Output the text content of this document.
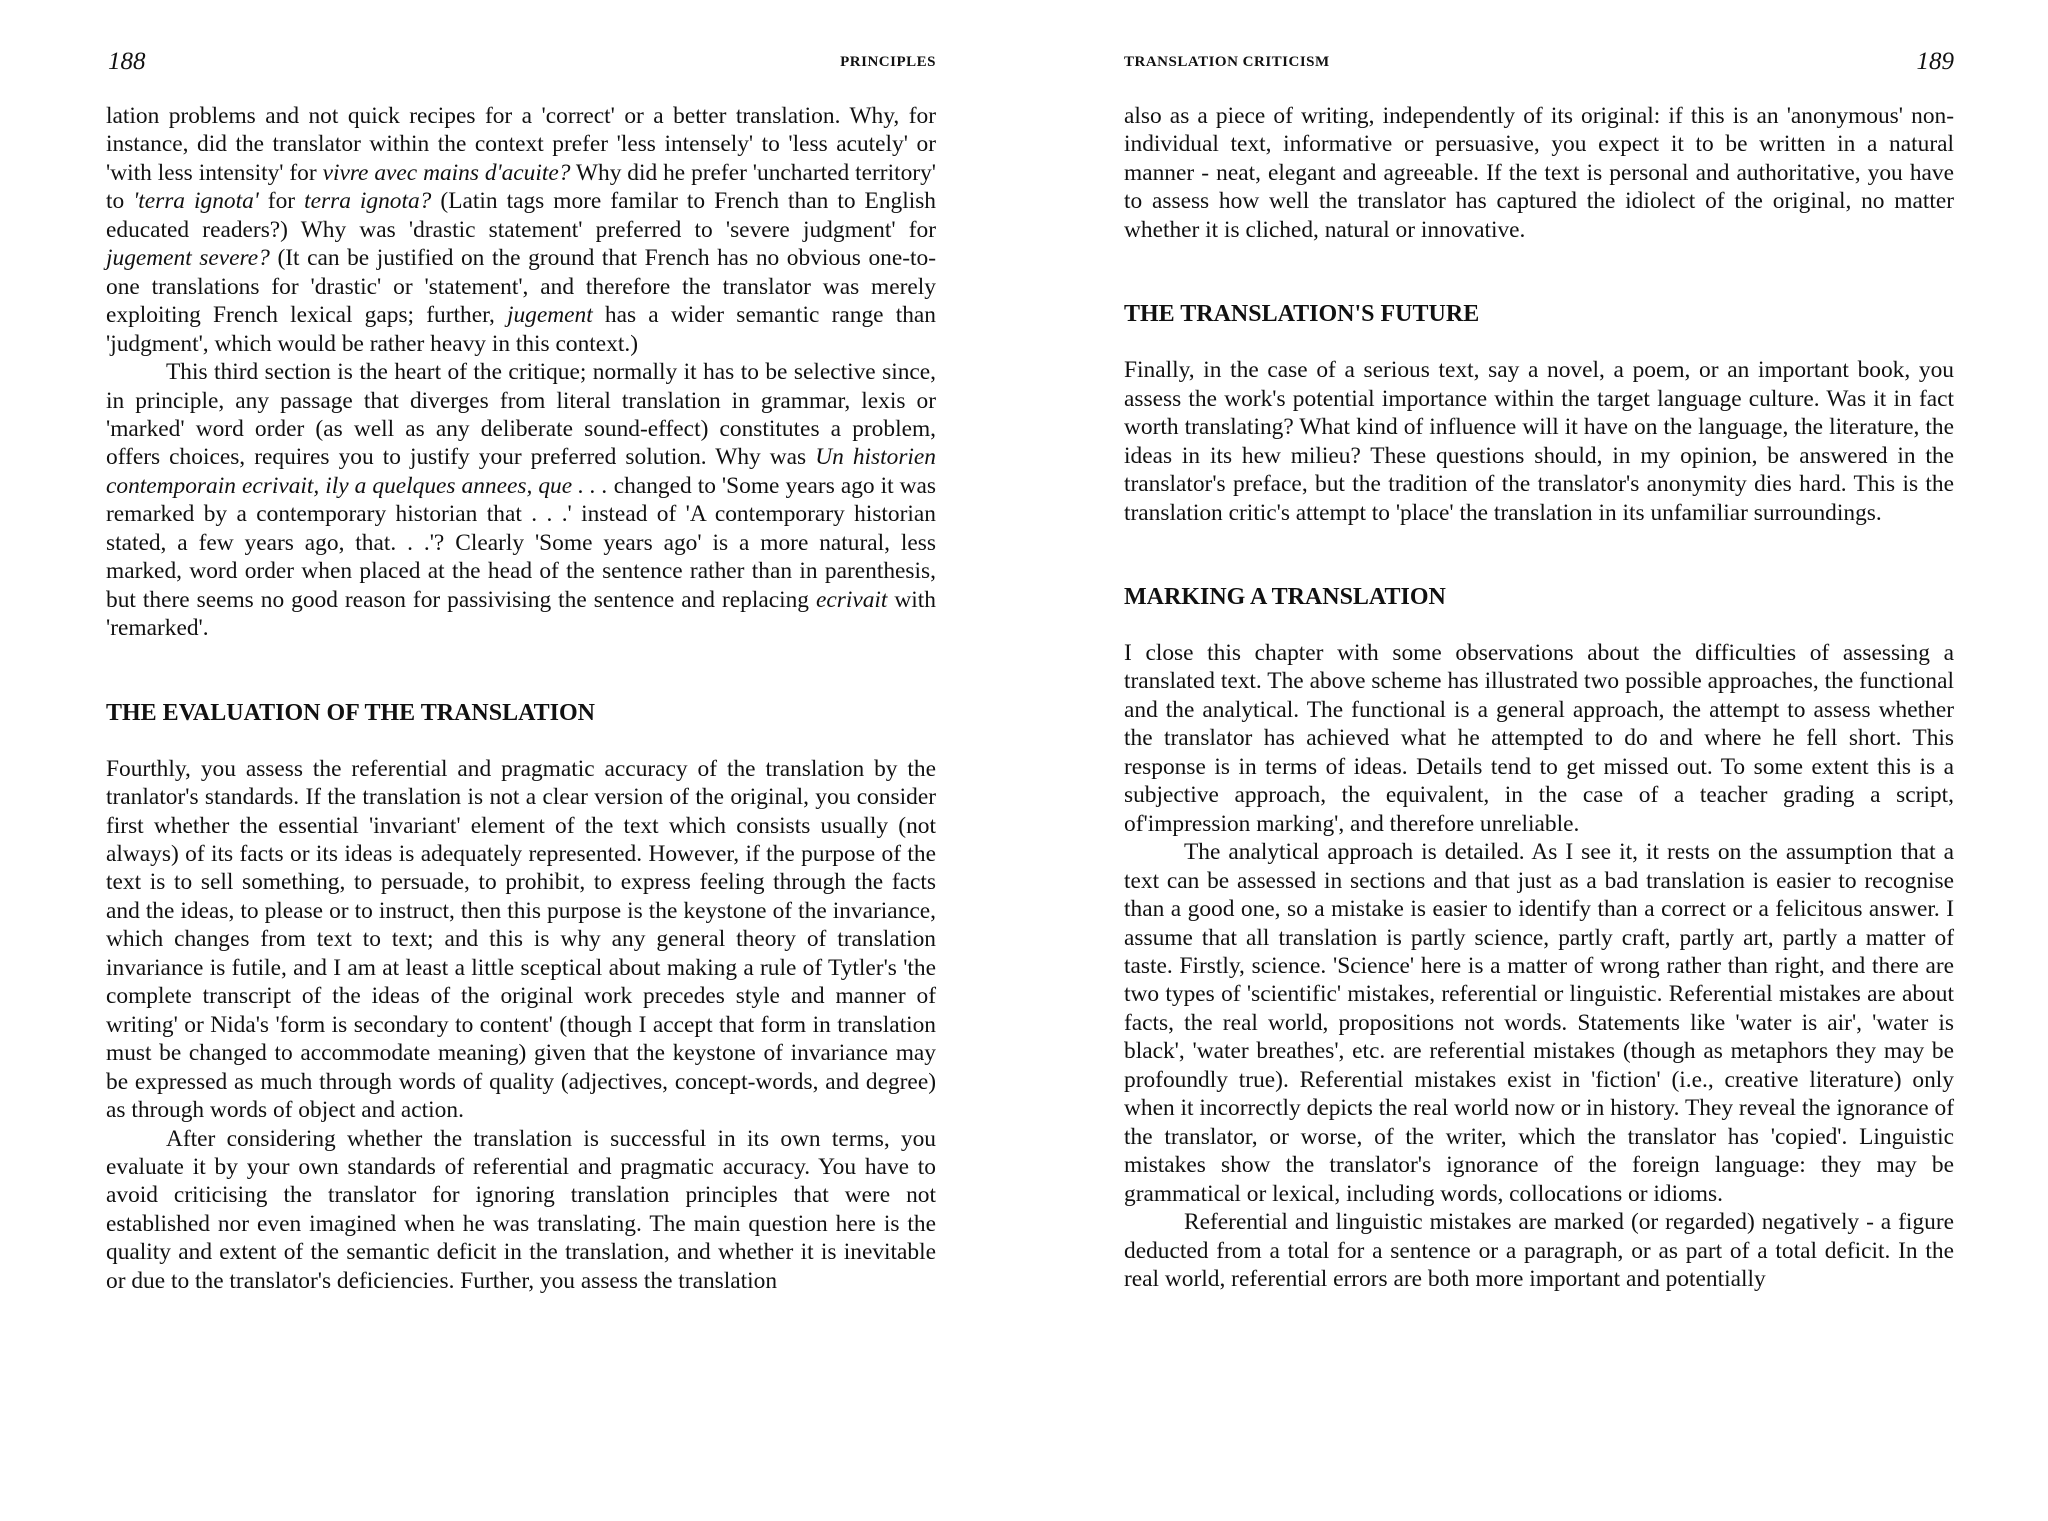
188	PRINCIPLES

lation problems and not quick recipes for a 'correct' or a better translation. Why, for instance, did the translator within the context prefer 'less intensely' to 'less acutely' or 'with less intensity' for vivre avec mains d'acuite? Why did he prefer 'uncharted territory' to 'terra ignota' for terra ignota? (Latin tags more familar to French than to English educated readers?) Why was 'drastic statement' preferred to 'severe judgment' for jugement severe? (It can be justified on the ground that French has no obvious one-to-one translations for 'drastic' or 'statement', and therefore the translator was merely exploiting French lexical gaps; further, jugement has a wider semantic range than 'judgment', which would be rather heavy in this context.)

This third section is the heart of the critique; normally it has to be selective since, in principle, any passage that diverges from literal translation in grammar, lexis or 'marked' word order (as well as any deliberate sound-effect) constitutes a problem, offers choices, requires you to justify your preferred solution. Why was Un historien contemporain ecrivait, ily a quelques annees, que . . . changed to 'Some years ago it was remarked by a contemporary historian that . . .' instead of 'A contemporary historian stated, a few years ago, that. . .'? Clearly 'Some years ago' is a more natural, less marked, word order when placed at the head of the sentence rather than in parenthesis, but there seems no good reason for passivising the sentence and replacing ecrivait with 'remarked'.

THE EVALUATION OF THE TRANSLATION

Fourthly, you assess the referential and pragmatic accuracy of the translation by the tranlator's standards. If the translation is not a clear version of the original, you consider first whether the essential 'invariant' element of the text which consists usually (not always) of its facts or its ideas is adequately represented. However, if the purpose of the text is to sell something, to persuade, to prohibit, to express feeling through the facts and the ideas, to please or to instruct, then this purpose is the keystone of the invariance, which changes from text to text; and this is why any general theory of translation invariance is futile, and I am at least a little sceptical about making a rule of Tytler's 'the complete transcript of the ideas of the original work precedes style and manner of writing' or Nida's 'form is secondary to content' (though I accept that form in translation must be changed to accommodate meaning) given that the keystone of invariance may be expressed as much through words of quality (adjectives, concept-words, and degree) as through words of object and action.

After considering whether the translation is successful in its own terms, you evaluate it by your own standards of referential and pragmatic accuracy. You have to avoid criticising the translator for ignoring translation principles that were not established nor even imagined when he was translating. The main question here is the quality and extent of the semantic deficit in the translation, and whether it is inevitable or due to the translator's deficiencies. Further, you assess the translation

TRANSLATION CRITICISM	189

also as a piece of writing, independently of its original: if this is an 'anonymous' non-individual text, informative or persuasive, you expect it to be written in a natural manner - neat, elegant and agreeable. If the text is personal and authoritative, you have to assess how well the translator has captured the idiolect of the original, no matter whether it is cliched, natural or innovative.

THE TRANSLATION'S FUTURE

Finally, in the case of a serious text, say a novel, a poem, or an important book, you assess the work's potential importance within the target language culture. Was it in fact worth translating? What kind of influence will it have on the language, the literature, the ideas in its hew milieu? These questions should, in my opinion, be answered in the translator's preface, but the tradition of the translator's anonymity dies hard. This is the translation critic's attempt to 'place' the translation in its unfamiliar surroundings.

MARKING A TRANSLATION

I close this chapter with some observations about the difficulties of assessing a translated text. The above scheme has illustrated two possible approaches, the functional and the analytical. The functional is a general approach, the attempt to assess whether the translator has achieved what he attempted to do and where he fell short. This response is in terms of ideas. Details tend to get missed out. To some extent this is a subjective approach, the equivalent, in the case of a teacher grading a script, of'impression marking', and therefore unreliable.

The analytical approach is detailed. As I see it, it rests on the assumption that a text can be assessed in sections and that just as a bad translation is easier to recognise than a good one, so a mistake is easier to identify than a correct or a felicitous answer. I assume that all translation is partly science, partly craft, partly art, partly a matter of taste. Firstly, science. 'Science' here is a matter of wrong rather than right, and there are two types of 'scientific' mistakes, referential or linguistic. Referential mistakes are about facts, the real world, propositions not words. Statements like 'water is air', 'water is black', 'water breathes', etc. are referential mistakes (though as metaphors they may be profoundly true). Referential mistakes exist in 'fiction' (i.e., creative literature) only when it incorrectly depicts the real world now or in history. They reveal the ignorance of the translator, or worse, of the writer, which the translator has 'copied'. Linguistic mistakes show the translator's ignorance of the foreign language: they may be grammatical or lexical, including words, collocations or idioms.

Referential and linguistic mistakes are marked (or regarded) negatively - a figure deducted from a total for a sentence or a paragraph, or as part of a total deficit. In the real world, referential errors are both more important and potentially
